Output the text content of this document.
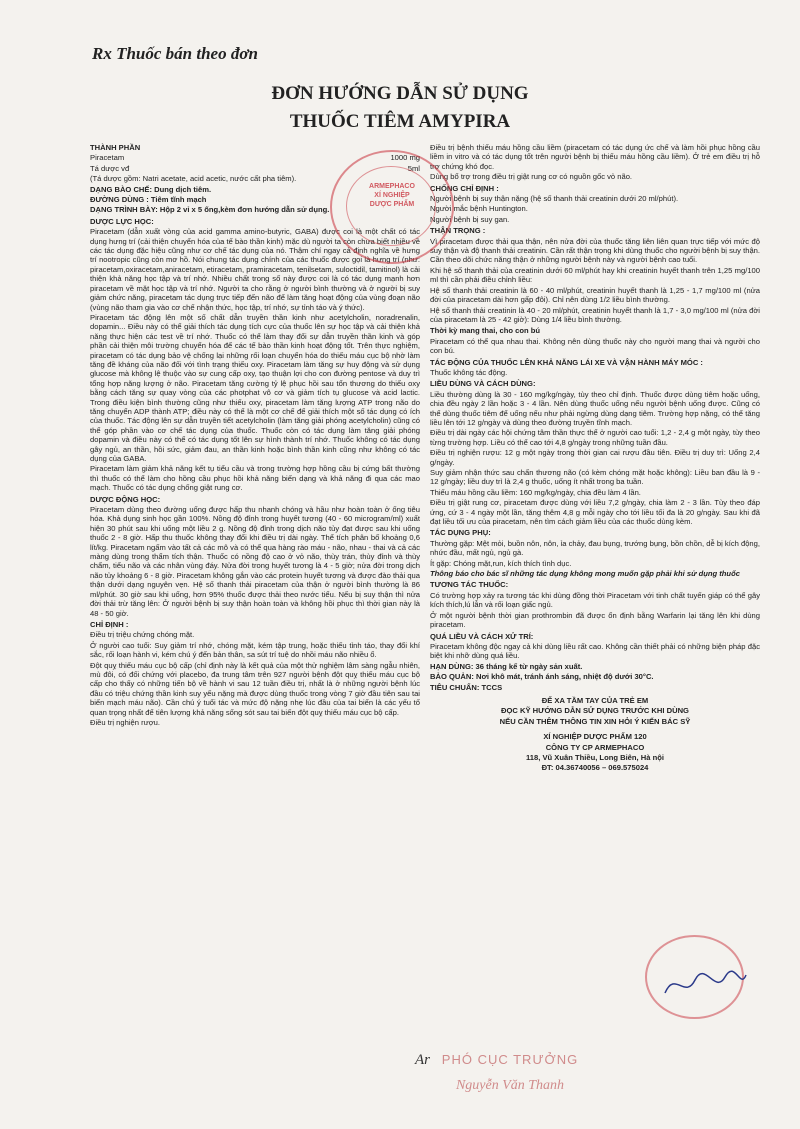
Rx Thuốc bán theo đơn
ĐƠN HƯỚNG DẪN SỬ DỤNG
THUỐC TIÊM AMYPIRA

THÀNH PHẦN

Piracetam	1000 mg

Tá dược vđ	5ml

(Tá dược gồm: Natri acetate, acid acetic, nước cất pha tiêm).

DẠNG BÀO CHẾ: Dung dịch tiêm.

ĐƯỜNG DÙNG : Tiêm tĩnh mạch

DẠNG TRÌNH BÀY: Hộp 2 vỉ x 5 ống,kèm đơn hướng dẫn sử dụng.

DƯỢC LỰC HỌC:

Piracetam (dẫn xuất vòng của acid gamma amino-butyric, GABA) được coi là một chất có tác dụng hưng trí (cải thiện chuyển hóa của tế bào thần kinh) mặc dù người ta còn chưa biết nhiều về các tác dụng đặc hiệu cũng như cơ chế tác dụng của nó. Thậm chí ngay cả định nghĩa về hưng trí nootropic cũng còn mơ hồ. Nói chung tác dụng chính của các thuốc được gọi là hưng trí (như: piracetam,oxiracetam,aniracetam, etiracetam, pramiracetam, tenilsetam, suloctidil, tamitinol) là cải thiện khả năng học tập và trí nhớ. Nhiều chất trong số này được coi là có tác dụng mạnh hơn piracetam về mặt học tập và trí nhớ. Người ta cho rằng ở người bình thường và ở người bị suy giảm chức năng, piracetam tác dụng trực tiếp đến não để làm tăng hoạt động của vùng đoạn não (vùng não tham gia vào cơ chế nhận thức, học tập, trí nhớ, sự tỉnh táo và ý thức).

Piracetam tác động lên một số chất dẫn truyền thần kinh như acetylcholin, noradrenalin, dopamin... Điều này có thể giải thích tác dụng tích cực của thuốc lên sự học tập và cải thiện khả năng thực hiện các test về trí nhớ. Thuốc có thể làm thay đổi sự dẫn truyền thần kinh và góp phần cải thiện môi trường chuyển hóa để các tế bào thần kinh hoạt động tốt. Trên thực nghiệm, piracetam có tác dụng bảo vệ chống lại những rối loạn chuyển hóa do thiếu máu cục bộ nhờ làm tăng đề kháng của não đối với tình trạng thiếu oxy. Piracetam làm tăng sự huy động và sử dụng glucose mà không lệ thuộc vào sự cung cấp oxy, tạo thuận lợi cho con đường pentose và duy trì tổng hợp năng lượng ở não. Piracetam tăng cường tỷ lệ phục hồi sau tổn thương do thiếu oxy bằng cách tăng sự quay vòng của các photphat vô cơ và giảm tích tụ glucose và acid lactic. Trong điều kiện bình thường cũng như thiếu oxy, piracetam làm tăng lượng ATP trong não do tăng chuyển ADP thành ATP; điều này có thể là một cơ chế để giải thích một số tác dụng có ích của thuốc. Tác động lên sự dẫn truyền tiết acetylcholin (làm tăng giải phóng acetylcholin) cũng có thể góp phần vào cơ chế tác dụng của thuốc. Thuốc còn có tác dụng làm tăng giải phóng dopamin và điều này có thể có tác dụng tốt lên sự hình thành trí nhớ. Thuốc không có tác dụng gây ngủ, an thần, hồi sức, giảm đau, an thần kinh hoặc bình thần kinh cũng như không có tác dụng của GABA.

Piracetam làm giảm khả năng kết tụ tiểu cầu và trong trường hợp hồng cầu bị cứng bất thường thì thuốc có thể làm cho hồng cầu phục hồi khả năng biến dạng và khả năng đi qua các mao mạch. Thuốc có tác dụng chống giật rung cơ.

DƯỢC ĐỘNG HỌC:

Piracetam dùng theo đường uống được hấp thu nhanh chóng và hầu như hoàn toàn ở ống tiêu hóa. Khả dụng sinh học gần 100%. Nồng độ đỉnh trong huyết tương (40 - 60 microgram/ml) xuất hiện 30 phút sau khi uống một liều 2 g. Nồng độ đỉnh trong dịch não tủy đạt được sau khi uống thuốc 2 - 8 giờ. Hấp thu thuốc không thay đổi khi điều trị dài ngày. Thể tích phân bố khoảng 0,6 lít/kg. Piracetam ngấm vào tất cả các mô và có thể qua hàng rào máu - não, nhau - thai và cả các màng dùng trong thẩm tích thận. Thuốc có nồng độ cao ở vỏ não, thùy trán, thùy đỉnh và thùy chẩm, tiểu não và các nhân vùng đáy. Nửa đời trong huyết tương là 4 - 5 giờ; nửa đời trong dịch não tủy khoảng 6 - 8 giờ. Piracetam không gắn vào các protein huyết tương và được đào thải qua thận dưới dạng nguyên vẹn. Hệ số thanh thải piracetam của thận ở người bình thường là 86 ml/phút. 30 giờ sau khi uống, hơn 95% thuốc được thải theo nước tiểu. Nếu bị suy thận thì nửa đời thải trừ tăng lên: Ở người bệnh bị suy thận hoàn toàn và không hồi phục thì thời gian này là 48 - 50 giờ.

CHỈ ĐỊNH :

Điều trị triệu chứng chóng mặt.

Ở người cao tuổi: Suy giảm trí nhớ, chóng mặt, kém tập trung, hoặc thiếu tỉnh táo, thay đổi khí sắc, rối loạn hành vi, kém chú ý đến bản thân, sa sút trí tuệ do nhồi máu não nhiều ổ.

Đột quỵ thiếu máu cục bộ cấp (chỉ định này là kết quả của một thử nghiệm lâm sàng ngẫu nhiên, mù đôi, có đối chứng với placebo, đa trung tâm trên 927 người bệnh đột quỵ thiếu máu cục bộ cấp cho thấy có những tiến bộ về hành vi sau 12 tuần điều trị, nhất là ở những người bệnh lúc đầu có triệu chứng thần kinh suy yếu nặng mà được dùng thuốc trong vòng 7 giờ đầu tiên sau tai biến mạch máu não). Cần chú ý tuổi tác và mức độ nặng nhẹ lúc đầu của tai biến là các yếu tố quan trọng nhất để tiên lượng khả năng sống sót sau tai biến đột quỵ thiếu máu cục bộ cấp.

Điều trị nghiện rượu.

Điều trị bệnh thiếu máu hồng cầu liềm (piracetam có tác dụng ức chế và làm hồi phục hồng cầu liềm in vitro và có tác dụng tốt trên người bệnh bị thiếu máu hồng cầu liềm). Ở trẻ em điều trị hỗ trợ chứng khó đọc.

Dùng bổ trợ trong điều trị giật rung cơ có nguồn gốc vỏ não.

CHỐNG CHỈ ĐỊNH :

Người bệnh bị suy thận nặng (hệ số thanh thải creatinin dưới 20 ml/phút).

Người mắc bệnh Huntington.

Người bệnh bị suy gan.

THẬN TRỌNG :

Vì piracetam được thải qua thận, nên nửa đời của thuốc tăng liên liên quan trực tiếp với mức độ suy thận và độ thanh thải creatinin. Cần rất thận trọng khi dùng thuốc cho người bệnh bị suy thận. Cần theo dõi chức năng thận ở những người bệnh này và người bệnh cao tuổi.

Khi hệ số thanh thải của creatinin dưới 60 ml/phút hay khi creatinin huyết thanh trên 1,25 mg/100 ml thì cần phải điều chỉnh liều:

Hệ số thanh thải creatinin là 60 - 40 ml/phút, creatinin huyết thanh là 1,25 - 1,7 mg/100 ml (nửa đời của piracetam dài hơn gấp đôi). Chỉ nên dùng 1/2 liều bình thường.

Hệ số thanh thải creatinin là 40 - 20 ml/phút, creatinin huyết thanh là 1,7 - 3,0 mg/100 ml (nửa đời của piracetam là 25 - 42 giờ): Dùng 1/4 liều bình thường.

Thời kỳ mang thai, cho con bú

Piracetam có thể qua nhau thai. Không nên dùng thuốc này cho người mang thai và người cho con bú.

TÁC ĐỘNG CỦA THUỐC LÊN KHẢ NĂNG LÁI XE VÀ VẬN HÀNH MÁY MÓC :

Thuốc không tác động.

LIỀU DÙNG VÀ CÁCH DÙNG:

Liều thường dùng là 30 - 160 mg/kg/ngày, tùy theo chỉ định. Thuốc được dùng tiêm hoặc uống, chia đều ngày 2 lần hoặc 3 - 4 lần. Nên dùng thuốc uống nếu người bệnh uống được. Cũng có thể dùng thuốc tiêm để uống nếu như phải ngừng dùng dạng tiêm. Trường hợp nặng, có thể tăng liều lên tới 12 g/ngày và dùng theo đường truyền tĩnh mạch.

Điều trị dài ngày các hội chứng tâm thần thực thể ở người cao tuổi: 1,2 - 2,4 g một ngày, tùy theo từng trường hợp. Liều có thể cao tới 4,8 g/ngày trong những tuần đầu.

Điều trị nghiện rượu: 12 g một ngày trong thời gian cai rượu đầu tiên. Điều trị duy trì: Uống 2,4 g/ngày.

Suy giảm nhận thức sau chấn thương não (có kèm chóng mặt hoặc không): Liều ban đầu là 9 - 12 g/ngày; liều duy trì là 2,4 g thuốc, uống ít nhất trong ba tuần.

Thiếu máu hồng cầu liềm: 160 mg/kg/ngày, chia đều làm 4 lần.

Điều trị giật rung cơ, piracetam được dùng với liều 7,2 g/ngày, chia làm 2 - 3 lần. Tùy theo đáp ứng, cứ 3 - 4 ngày một lần, tăng thêm 4,8 g mỗi ngày cho tới liều tối đa là 20 g/ngày. Sau khi đã đạt liều tối ưu của piracetam, nên tìm cách giảm liều của các thuốc dùng kèm.

TÁC DỤNG PHỤ:

Thường gặp: Mệt mỏi, buồn nôn, nôn, ỉa chảy, đau bụng, trướng bụng, bồn chồn, dễ bị kích động, nhức đầu, mất ngủ, ngủ gà.

Ít gặp: Chóng mặt,run, kích thích tình dục.

Thông báo cho bác sĩ những tác dụng không mong muốn gặp phải khi sử dụng thuốc

TƯƠNG TÁC THUỐC:

Có trường hợp xảy ra tương tác khi dùng đồng thời Piracetam với tinh chất tuyến giáp có thể gây kích thích,lú lẫn và rối loạn giấc ngủ.

Ở một người bệnh thời gian prothrombin đã được ổn định bằng Warfarin lại tăng lên khi dùng piracetam.

QUÁ LIỀU VÀ CÁCH XỬ TRÍ:

Piracetam không độc ngay cả khi dùng liều rất cao. Không cần thiết phải có những biện pháp đặc biệt khi nhỡ dùng quá liều.

HẠN DÙNG: 36 tháng kể từ ngày sản xuất.

BẢO QUẢN: Nơi khô mát, tránh ánh sáng, nhiệt độ dưới 30°C.

TIÊU CHUẨN: TCCS

ĐỂ XA TẦM TAY CỦA TRẺ EM

ĐỌC KỸ HƯỚNG DẪN SỬ DỤNG TRƯỚC KHI DÙNG

NẾU CẦN THÊM THÔNG TIN XIN HỎI Ý KIẾN BÁC SỸ

XÍ NGHIỆP DƯỢC PHẨM 120

CÔNG TY CP ARMEPHACO

118, Vũ Xuân Thiều, Long Biên, Hà nội

ĐT: 04.36740056 – 069.575024

ARMEPHACO
XÍ NGHIỆP
DƯỢC PHẨM
Ar PHÓ CỤC TRƯỞNG
Nguyễn Văn Thanh
